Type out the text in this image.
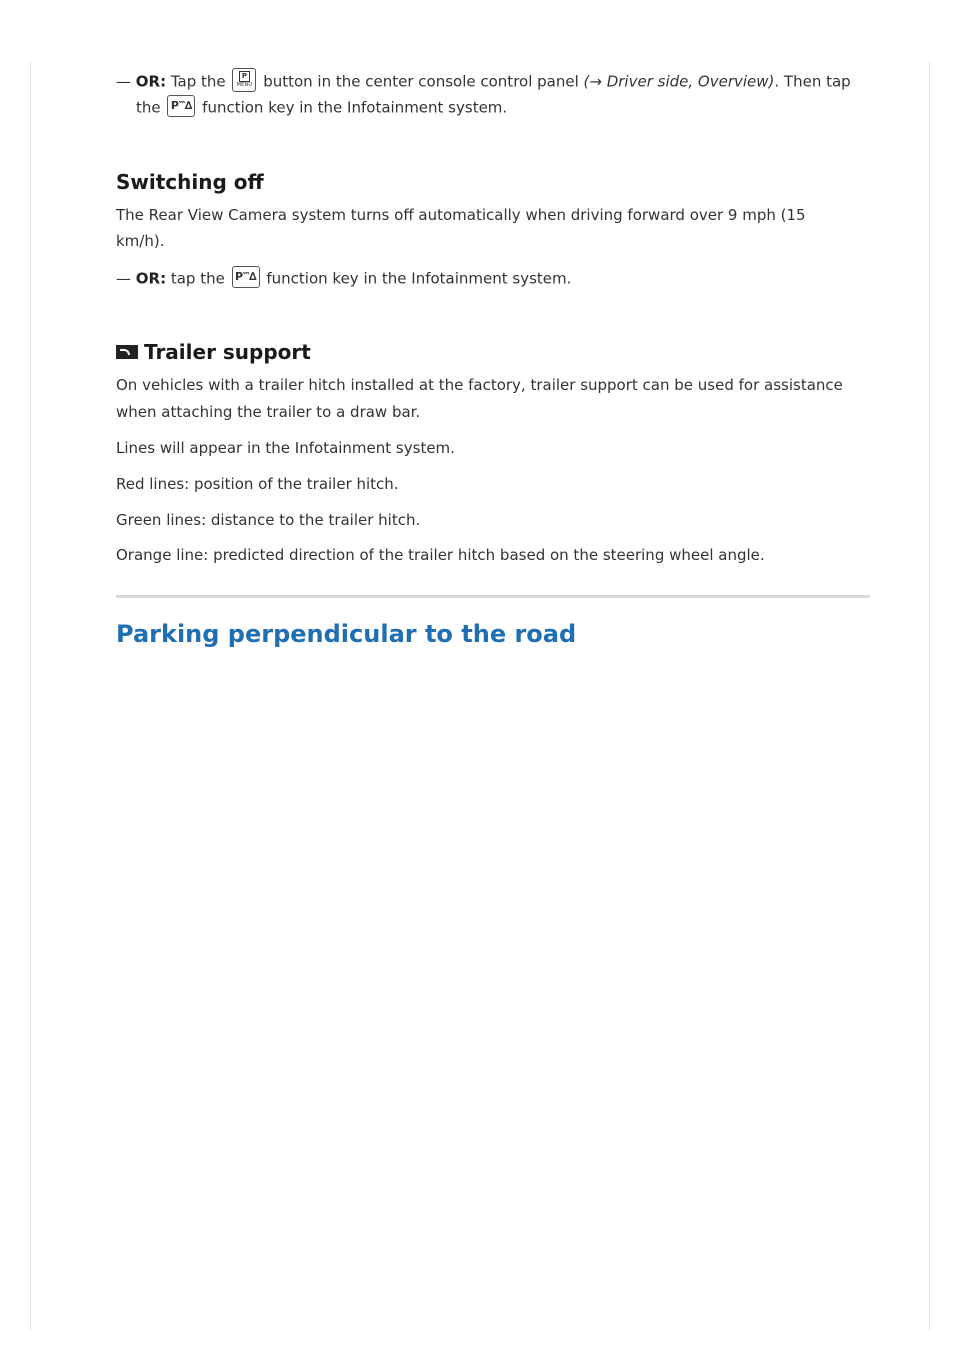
— OR: Tap the	P
MENU button in the center console control panel (→ Driver side, Overview). Then tap
the P‷∆ function key in the Infotainment system.
Switching off

The Rear View Camera system turns off automatically when driving forward over 9 mph (15

km/h).

— OR: tap the P‷∆ function key in the Infotainment system.
Trailer support

On vehicles with a trailer hitch installed at the factory, trailer support can be used for assistance

when attaching the trailer to a draw bar.

Lines will appear in the Infotainment system.

Red lines: position of the trailer hitch.

Green lines: distance to the trailer hitch.

Orange line: predicted direction of the trailer hitch based on the steering wheel angle.

Parking perpendicular to the road
